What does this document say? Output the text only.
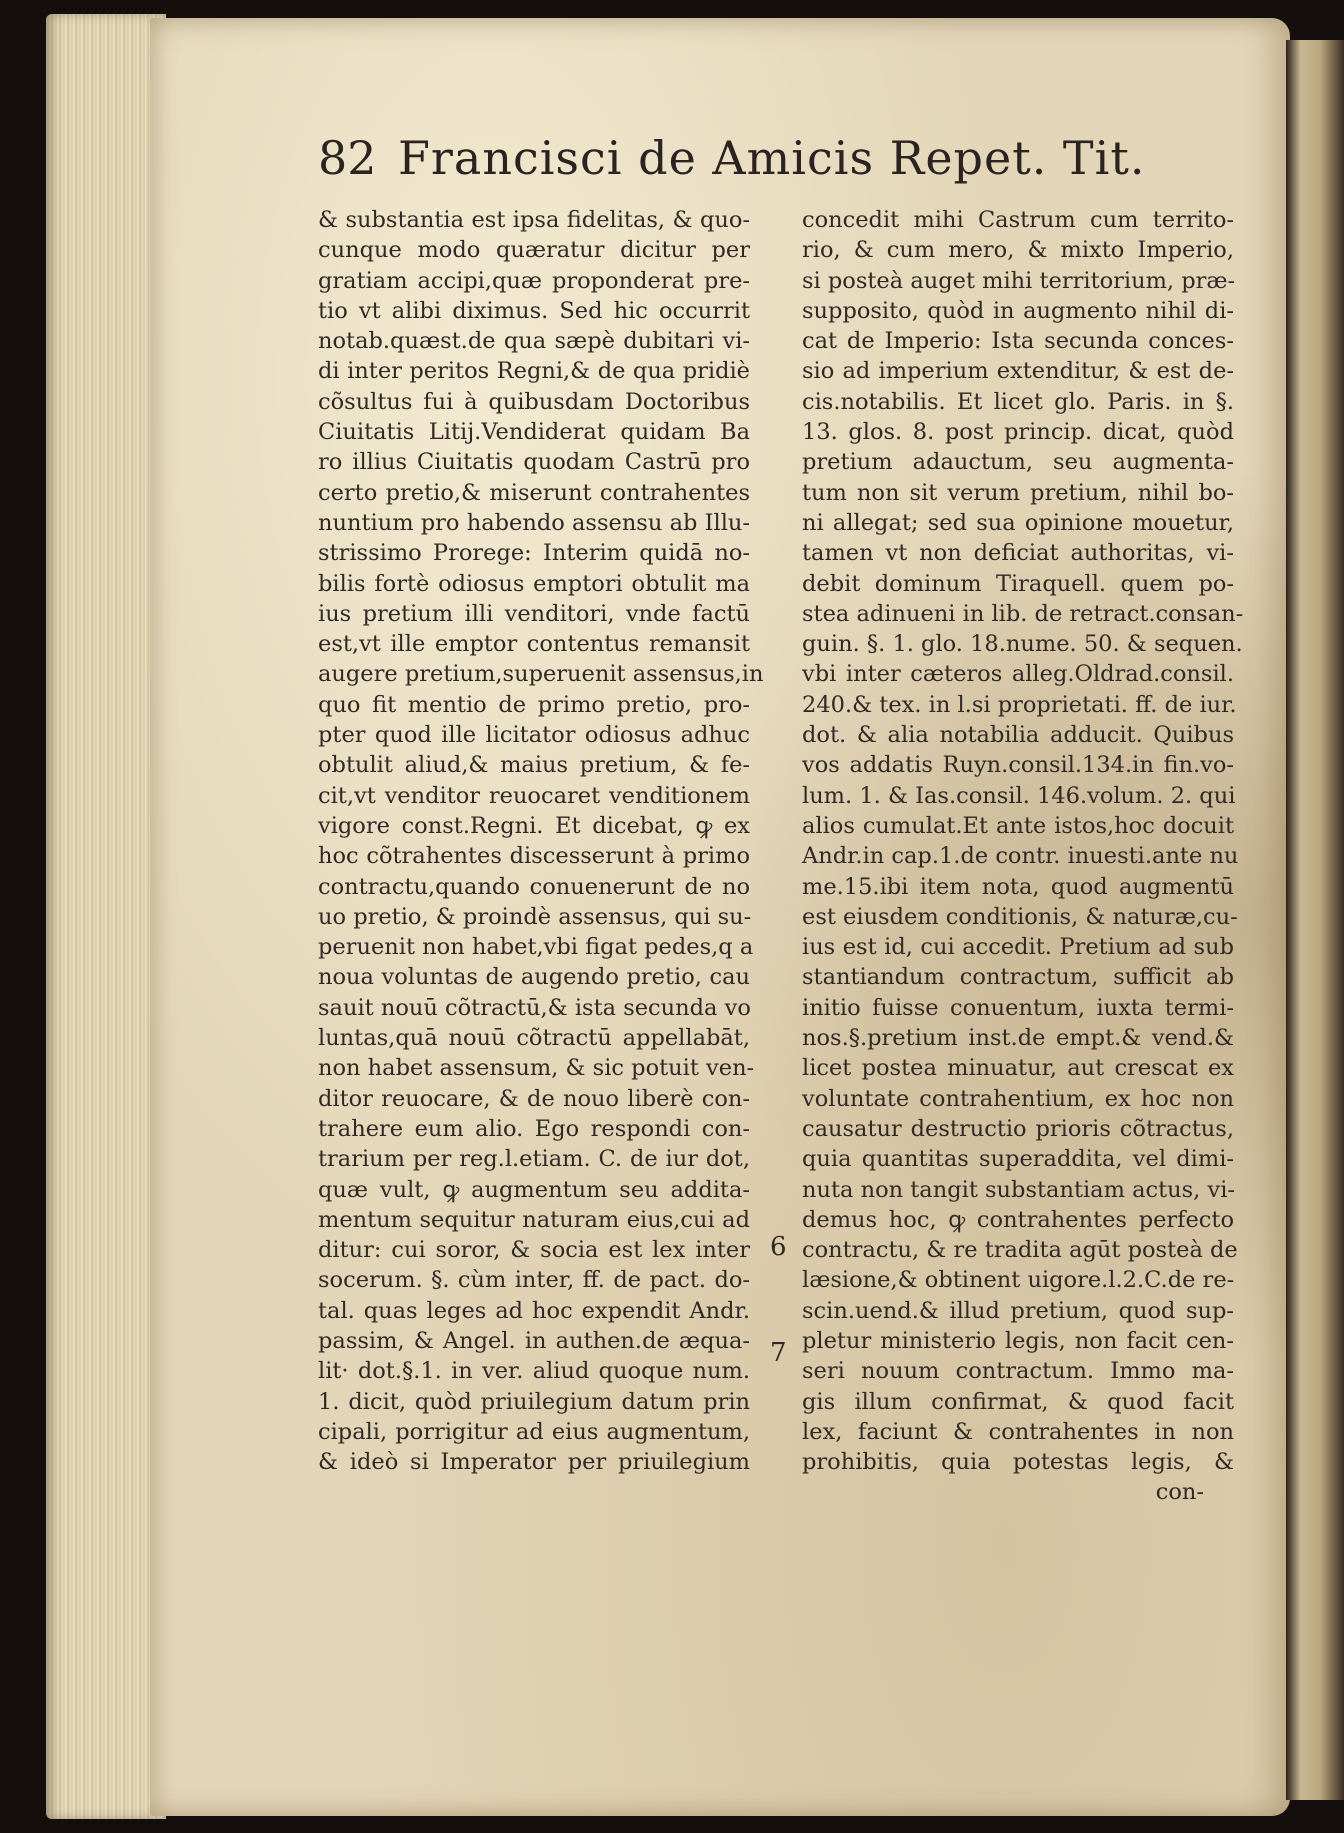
82 Francisci de Amicis Repet. Tit.
& substantia est ipsa fidelitas, & quo-
cunque modo quæratur dicitur per
gratiam accipi,quæ proponderat pre-
tio vt alibi diximus. Sed hic occurrit
notab.quæst.de qua sæpè dubitari vi-
di inter peritos Regni,& de qua pridiè
cõsultus fui à quibusdam Doctoribus
Ciuitatis Litij.Vendiderat quidam Ba
ro illius Ciuitatis quodam Castrū pro
certo pretio,& miserunt contrahentes
nuntium pro habendo assensu ab Illu-
strissimo Prorege: Interim quidā no-
bilis fortè odiosus emptori obtulit ma
ius pretium illi venditori, vnde factū
est,vt ille emptor contentus remansit
augere pretium,superuenit assensus,in
quo fit mentio de primo pretio, pro-
pter quod ille licitator odiosus adhuc
obtulit aliud,& maius pretium, & fe-
cit,vt venditor reuocaret venditionem
vigore const.Regni. Et dicebat, ꝙ ex
hoc cõtrahentes discesserunt à primo
contractu,quando conuenerunt de no
uo pretio, & proindè assensus, qui su-
peruenit non habet,vbi figat pedes,q a
noua voluntas de augendo pretio, cau
sauit nouū cõtractū,& ista secunda vo
luntas,quā nouū cõtractū appellabāt,
non habet assensum, & sic potuit ven-
ditor reuocare, & de nouo liberè con-
trahere eum alio. Ego respondi con-
trarium per reg.l.etiam. C. de iur dot,
quæ vult, ꝙ augmentum seu addita-
mentum sequitur naturam eius,cui ad
ditur: cui soror, & socia est lex inter
socerum. §. cùm inter, ff. de pact. do-
tal. quas leges ad hoc expendit Andr.
passim, & Angel. in authen.de æqua-
lit· dot.§.1. in ver. aliud quoque num.
1. dicit, quòd priuilegium datum prin
cipali, porrigitur ad eius augmentum,
& ideò si Imperator per priuilegium
concedit mihi Castrum cum territo-
rio, & cum mero, & mixto Imperio,
si posteà auget mihi territorium, præ-
supposito, quòd in augmento nihil di-
cat de Imperio: Ista secunda conces-
sio ad imperium extenditur, & est de-
cis.notabilis. Et licet glo. Paris. in §.
13. glos. 8. post princip. dicat, quòd
pretium adauctum, seu augmenta-
tum non sit verum pretium, nihil bo-
ni allegat; sed sua opinione mouetur,
tamen vt non deficiat authoritas, vi-
debit dominum Tiraquell. quem po-
stea adinueni in lib. de retract.consan-
guin. §. 1. glo. 18.nume. 50. & sequen.
vbi inter cæteros alleg.Oldrad.consil.
240.& tex. in l.si proprietati. ff. de iur.
dot. & alia notabilia adducit. Quibus
vos addatis Ruyn.consil.134.in fin.vo-
lum. 1. & Ias.consil. 146.volum. 2. qui
alios cumulat.Et ante istos,hoc docuit
Andr.in cap.1.de contr. inuesti.ante nu
me.15.ibi item nota, quod augmentū
est eiusdem conditionis, & naturæ,cu-
ius est id, cui accedit. Pretium ad sub
stantiandum contractum, sufficit ab
initio fuisse conuentum, iuxta termi-
nos.§.pretium inst.de empt.& vend.&
licet postea minuatur, aut crescat ex
voluntate contrahentium, ex hoc non
causatur destructio prioris cõtractus,
quia quantitas superaddita, vel dimi-
nuta non tangit substantiam actus, vi-
demus hoc, ꝙ contrahentes perfecto
contractu, & re tradita agūt posteà de
læsione,& obtinent uigore.l.2.C.de re-
scin.uend.& illud pretium, quod sup-
pletur ministerio legis, non facit cen-
seri nouum contractum. Immo ma-
gis illum confirmat, & quod facit
lex, faciunt & contrahentes in non
prohibitis, quia potestas legis, &
con-
6
7
